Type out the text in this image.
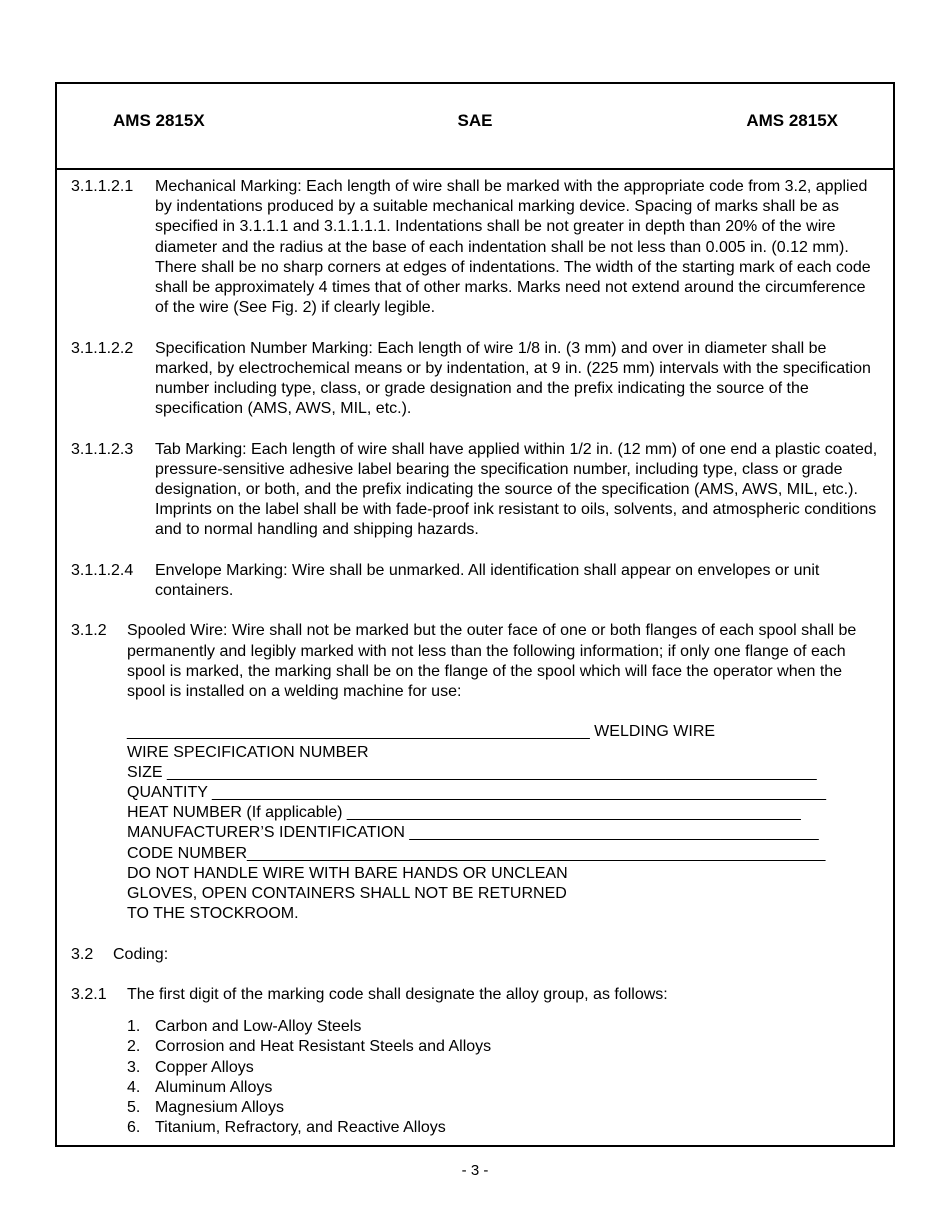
AMS 2815X	SAE	AMS 2815X
3.1.1.2.1	Mechanical Marking: Each length of wire shall be marked with the appropriate code from 3.2, applied by indentations produced by a suitable mechanical marking device. Spacing of marks shall be as specified in 3.1.1.1 and 3.1.1.1.1. Indentations shall be not greater in depth than 20% of the wire diameter and the radius at the base of each indentation shall be not less than 0.005 in. (0.12 mm). There shall be no sharp corners at edges of indentations. The width of the starting mark of each code shall be approximately 4 times that of other marks. Marks need not extend around the circumference of the wire (See Fig. 2) if clearly legible.
3.1.1.2.2	Specification Number Marking: Each length of wire 1/8 in. (3 mm) and over in diameter shall be marked, by electrochemical means or by indentation, at 9 in. (225 mm) intervals with the specification number including type, class, or grade designation and the prefix indicating the source of the specification (AMS, AWS, MIL, etc.).
3.1.1.2.3	Tab Marking: Each length of wire shall have applied within 1/2 in. (12 mm) of one end a plastic coated, pressure-sensitive adhesive label bearing the specification number, including type, class or grade designation, or both, and the prefix indicating the source of the specification (AMS, AWS, MIL, etc.). Imprints on the label shall be with fade-proof ink resistant to oils, solvents, and atmospheric conditions and to normal handling and shipping hazards.
3.1.1.2.4	Envelope Marking: Wire shall be unmarked. All identification shall appear on envelopes or unit containers.
3.1.2	Spooled Wire: Wire shall not be marked but the outer face of one or both flanges of each spool shall be permanently and legibly marked with not less than the following information; if only one flange of each spool is marked, the marking shall be on the flange of the spool which will face the operator when the spool is installed on a welding machine for use:
____________________________________________________ WELDING WIRE
WIRE SPECIFICATION NUMBER
SIZE _________________________________________________________________________
QUANTITY _____________________________________________________________________
HEAT NUMBER (If applicable) ___________________________________________________
MANUFACTURER’S IDENTIFICATION ______________________________________________
CODE NUMBER_________________________________________________________________
DO NOT HANDLE WIRE WITH BARE HANDS OR UNCLEAN
GLOVES, OPEN CONTAINERS SHALL NOT BE RETURNED
TO THE STOCKROOM.
3.2	Coding:
3.2.1	The first digit of the marking code shall designate the alloy group, as follows:
1. Carbon and Low-Alloy Steels
2. Corrosion and Heat Resistant Steels and Alloys
3. Copper Alloys
4. Aluminum Alloys
5. Magnesium Alloys
6. Titanium, Refractory, and Reactive Alloys
- 3 -
